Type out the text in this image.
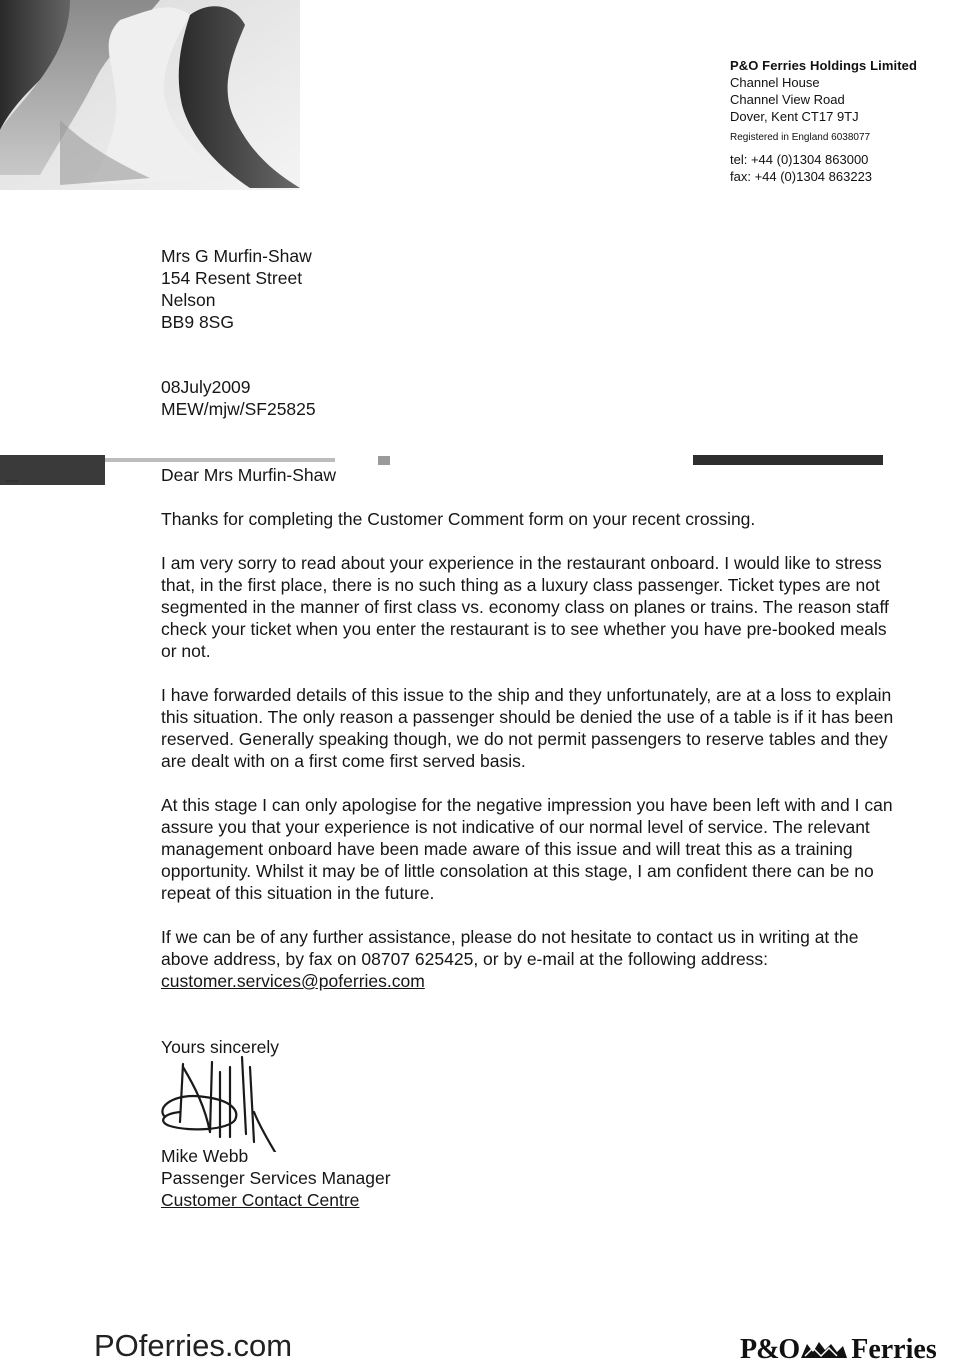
P&O Ferries Holdings Limited
Channel House
Channel View Road
Dover, Kent CT17 9TJ
Registered in England 6038077
tel: +44 (0)1304 863000
fax: +44 (0)1304 863223
Mrs G Murfin-Shaw
154 Resent Street
Nelson
BB9 8SG
08July2009
MEW/mjw/SF25825
Dear Mrs Murfin-Shaw

Thanks for completing the Customer Comment form on your recent crossing.

I am very sorry to read about your experience in the restaurant onboard. I would like to stress that, in the first place, there is no such thing as a luxury class passenger. Ticket types are not segmented in the manner of first class vs. economy class on planes or trains. The reason staff check your ticket when you enter the restaurant is to see whether you have pre-booked meals or not.

I have forwarded details of this issue to the ship and they unfortunately, are at a loss to explain this situation. The only reason a passenger should be denied the use of a table is if it has been reserved. Generally speaking though, we do not permit passengers to reserve tables and they are dealt with on a first come first served basis.

At this stage I can only apologise for the negative impression you have been left with and I can assure you that your experience is not indicative of our normal level of service. The relevant management onboard have been made aware of this issue and will treat this as a training opportunity. Whilst it may be of little consolation at this stage, I am confident there can be no repeat of this situation in the future.

If we can be of any further assistance, please do not hesitate to contact us in writing at the above address, by fax on 08707 625425, or by e-mail at the following address:
customer.services@poferries.com

Yours sincerely
Mike Webb
Passenger Services Manager
Customer Contact Centre
POferries.com	P&O Ferries
